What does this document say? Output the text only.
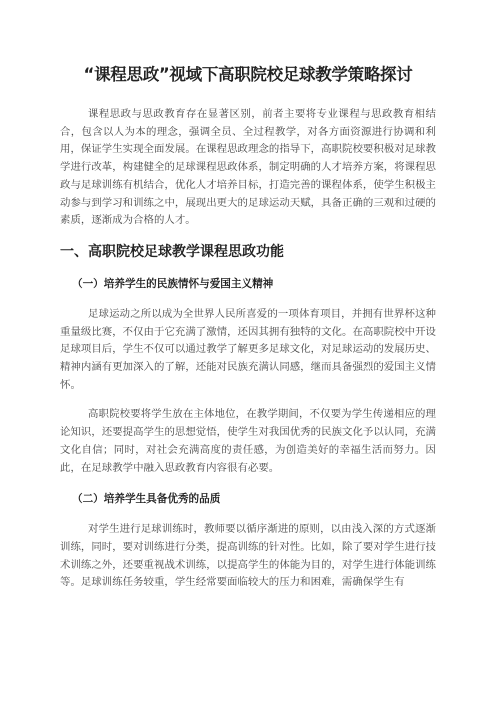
“课程思政”视域下高职院校足球教学策略探讨

课程思政与思政教育存在显著区别，前者主要将专业课程与思政教育相结合，包含以人为本的理念，强调全员、全过程教学，对各方面资源进行协调和利用，保证学生实现全面发展。在课程思政理念的指导下，高职院校要积极对足球教学进行改革，构建健全的足球课程思政体系，制定明确的人才培养方案，将课程思政与足球训练有机结合，优化人才培养目标，打造完善的课程体系，使学生积极主动参与到学习和训练之中，展现出更大的足球运动天赋，具备正确的三观和过硬的素质，逐渐成为合格的人才。

一、高职院校足球教学课程思政功能
（一）培养学生的民族情怀与爱国主义精神

足球运动之所以成为全世界人民所喜爱的一项体育项目，并拥有世界杯这种重量级比赛，不仅由于它充满了激情，还因其拥有独特的文化。在高职院校中开设足球项目后，学生不仅可以通过教学了解更多足球文化，对足球运动的发展历史、精神内涵有更加深入的了解，还能对民族充满认同感，继而具备强烈的爱国主义情怀。

高职院校要将学生放在主体地位，在教学期间，不仅要为学生传递相应的理论知识，还要提高学生的思想觉悟，使学生对我国优秀的民族文化予以认同，充满文化自信；同时，对社会充满高度的责任感，为创造美好的幸福生活而努力。因此，在足球教学中融入思政教育内容很有必要。

（二）培养学生具备优秀的品质

对学生进行足球训练时，教师要以循序渐进的原则，以由浅入深的方式逐渐训练，同时，要对训练进行分类，提高训练的针对性。比如，除了要对学生进行技术训练之外，还要重视战术训练，以提高学生的体能为目的，对学生进行体能训练等。足球训练任务较重，学生经常要面临较大的压力和困难，需确保学生有
